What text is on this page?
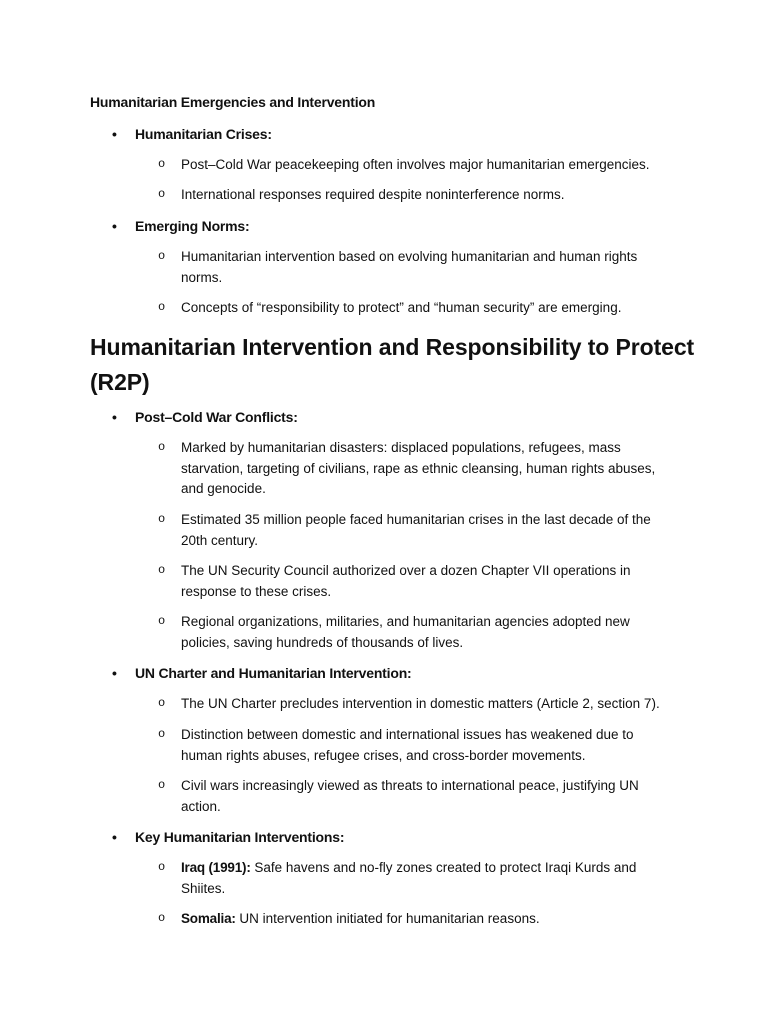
Humanitarian Emergencies and Intervention
• Humanitarian Crises:
o Post–Cold War peacekeeping often involves major humanitarian emergencies.
o International responses required despite noninterference norms.
• Emerging Norms:
o Humanitarian intervention based on evolving humanitarian and human rights norms.
o Concepts of “responsibility to protect” and “human security” are emerging.
Humanitarian Intervention and Responsibility to Protect (R2P)
• Post–Cold War Conflicts:
o Marked by humanitarian disasters: displaced populations, refugees, mass starvation, targeting of civilians, rape as ethnic cleansing, human rights abuses, and genocide.
o Estimated 35 million people faced humanitarian crises in the last decade of the 20th century.
o The UN Security Council authorized over a dozen Chapter VII operations in response to these crises.
o Regional organizations, militaries, and humanitarian agencies adopted new policies, saving hundreds of thousands of lives.
• UN Charter and Humanitarian Intervention:
o The UN Charter precludes intervention in domestic matters (Article 2, section 7).
o Distinction between domestic and international issues has weakened due to human rights abuses, refugee crises, and cross-border movements.
o Civil wars increasingly viewed as threats to international peace, justifying UN action.
• Key Humanitarian Interventions:
o Iraq (1991): Safe havens and no-fly zones created to protect Iraqi Kurds and Shiites.
o Somalia: UN intervention initiated for humanitarian reasons.
